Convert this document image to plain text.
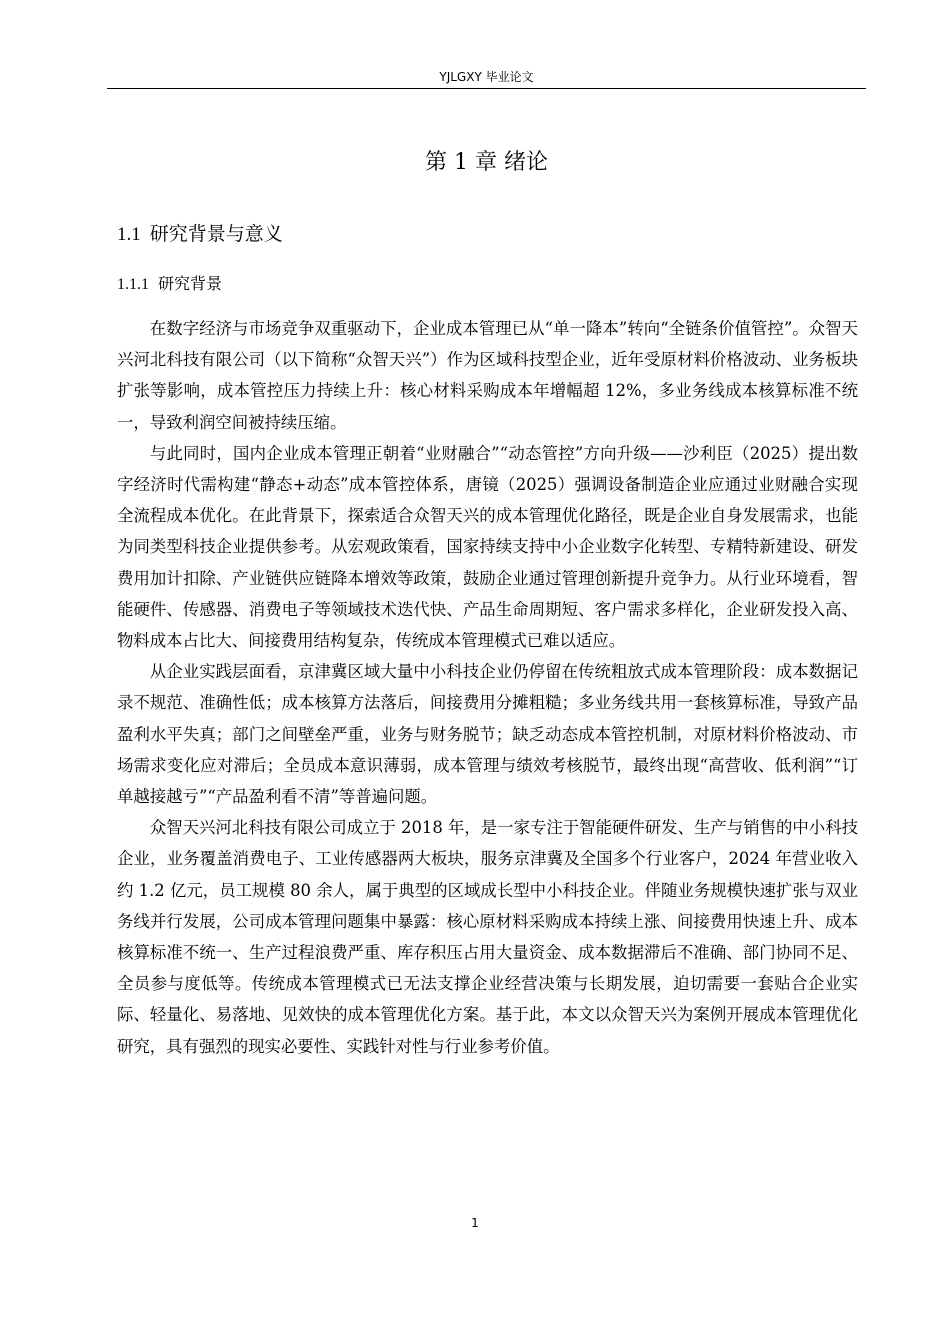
YJLGXY 毕业论文
第 1 章 绪论
1.1 研究背景与意义
1.1.1 研究背景

在数字经济与市场竞争双重驱动下，企业成本管理已从“单一降本”转向“全链条价值管控”。众智天兴河北科技有限公司（以下简称“众智天兴”）作为区域科技型企业，近年受原材料价格波动、业务板块扩张等影响，成本管控压力持续上升：核心材料采购成本年增幅超 12%，多业务线成本核算标准不统一，导致利润空间被持续压缩。

与此同时，国内企业成本管理正朝着“业财融合”“动态管控”方向升级——沙利臣（2025）提出数字经济时代需构建“静态+动态”成本管控体系，唐镜（2025）强调设备制造企业应通过业财融合实现全流程成本优化。在此背景下，探索适合众智天兴的成本管理优化路径，既是企业自身发展需求，也能为同类型科技企业提供参考。从宏观政策看，国家持续支持中小企业数字化转型、专精特新建设、研发费用加计扣除、产业链供应链降本增效等政策，鼓励企业通过管理创新提升竞争力。从行业环境看，智能硬件、传感器、消费电子等领域技术迭代快、产品生命周期短、客户需求多样化，企业研发投入高、物料成本占比大、间接费用结构复杂，传统成本管理模式已难以适应。

从企业实践层面看，京津冀区域大量中小科技企业仍停留在传统粗放式成本管理阶段：成本数据记录不规范、准确性低；成本核算方法落后，间接费用分摊粗糙；多业务线共用一套核算标准，导致产品盈利水平失真；部门之间壁垒严重，业务与财务脱节；缺乏动态成本管控机制，对原材料价格波动、市场需求变化应对滞后；全员成本意识薄弱，成本管理与绩效考核脱节，最终出现“高营收、低利润”“订单越接越亏”“产品盈利看不清”等普遍问题。

众智天兴河北科技有限公司成立于 2018 年，是一家专注于智能硬件研发、生产与销售的中小科技企业，业务覆盖消费电子、工业传感器两大板块，服务京津冀及全国多个行业客户，2024 年营业收入约 1.2 亿元，员工规模 80 余人，属于典型的区域成长型中小科技企业。伴随业务规模快速扩张与双业务线并行发展，公司成本管理问题集中暴露：核心原材料采购成本持续上涨、间接费用快速上升、成本核算标准不统一、生产过程浪费严重、库存积压占用大量资金、成本数据滞后不准确、部门协同不足、全员参与度低等。传统成本管理模式已无法支撑企业经营决策与长期发展，迫切需要一套贴合企业实际、轻量化、易落地、见效快的成本管理优化方案。基于此，本文以众智天兴为案例开展成本管理优化研究，具有强烈的现实必要性、实践针对性与行业参考价值。

1
